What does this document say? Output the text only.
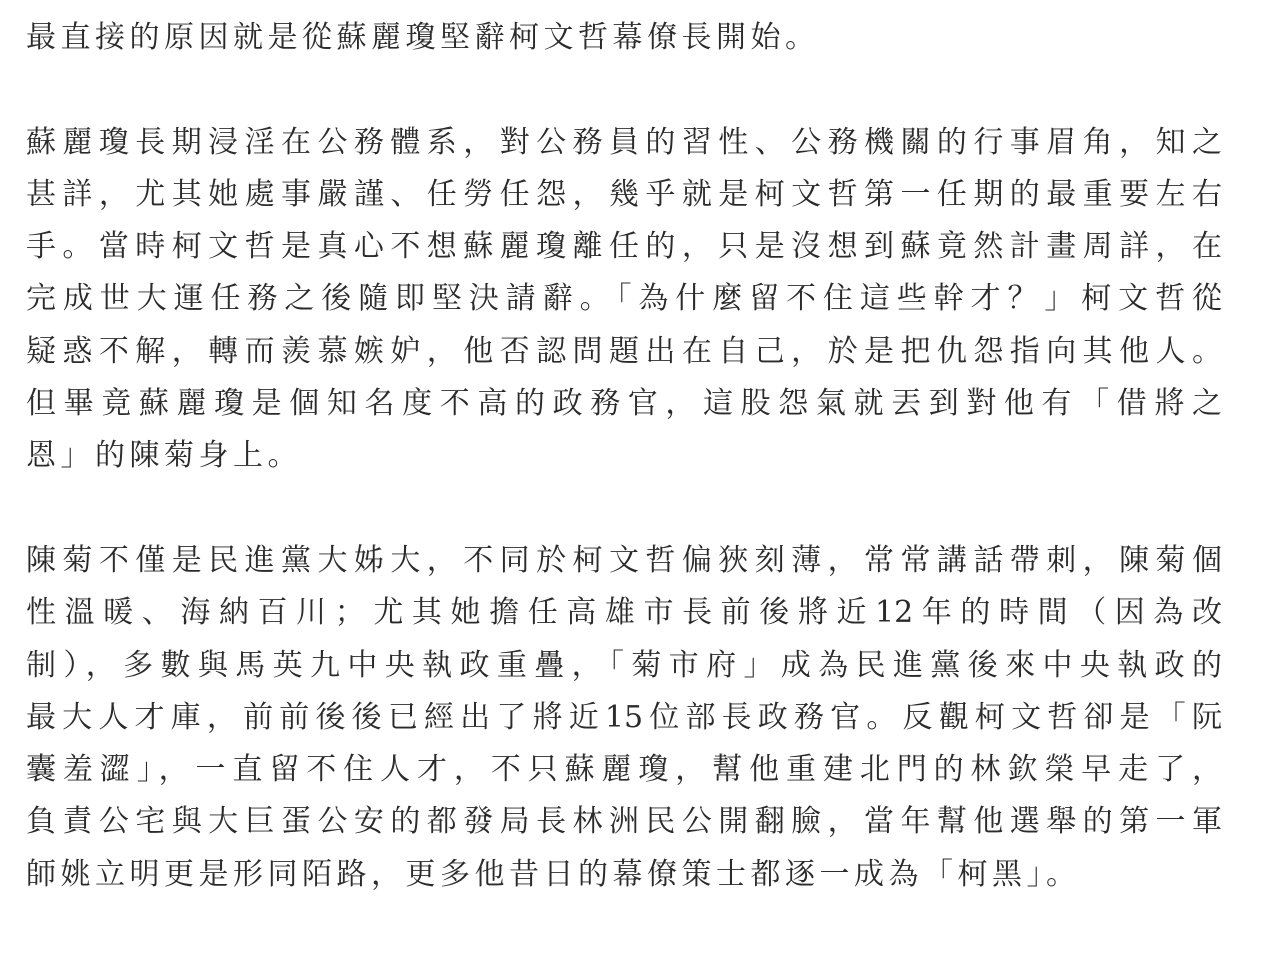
最直接的原因就是從蘇麗瓊堅辭柯文哲幕僚長開始。
蘇麗瓊長期浸淫在公務體系，對公務員的習性、公務機關的行事眉角，知之
甚詳，尤其她處事嚴謹、任勞任怨，幾乎就是柯文哲第一任期的最重要左右
手。當時柯文哲是真心不想蘇麗瓊離任的，只是沒想到蘇竟然計畫周詳，在
完成世大運任務之後隨即堅決請辭。「為什麼留不住這些幹才？」柯文哲從
疑惑不解，轉而羨慕嫉妒，他否認問題出在自己，於是把仇怨指向其他人。
但畢竟蘇麗瓊是個知名度不高的政務官，這股怨氣就丟到對他有「借將之
恩」的陳菊身上。
陳菊不僅是民進黨大姊大，不同於柯文哲偏狹刻薄，常常講話帶刺，陳菊個
性溫暖、海納百川；尤其她擔任高雄市長前後將近12年的時間（因為改
制），多數與馬英九中央執政重疊，「菊市府」成為民進黨後來中央執政的
最大人才庫，前前後後已經出了將近15位部長政務官。反觀柯文哲卻是「阮
囊羞澀」，一直留不住人才，不只蘇麗瓊，幫他重建北門的林欽榮早走了，
負責公宅與大巨蛋公安的都發局長林洲民公開翻臉，當年幫他選舉的第一軍
師姚立明更是形同陌路，更多他昔日的幕僚策士都逐一成為「柯黑」。
